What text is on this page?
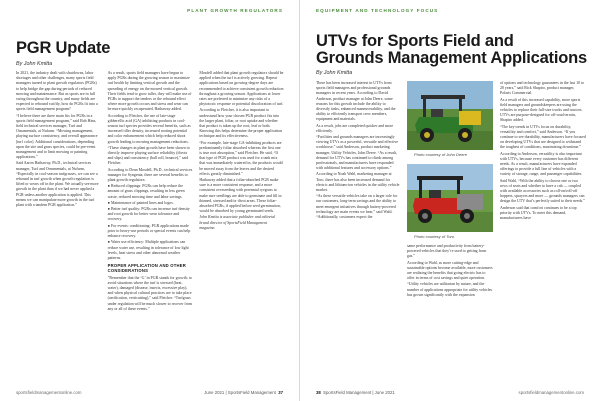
PLANT GROWTH REGULATORS
PGR Update
By John Kmitta

In 2021, the industry dealt with shutdowns, labor shortages and other challenges, many sports field managers turned to plant growth regulators (PGRs) to help bridge the gap during periods of reduced mowing and maintenance. But as sports are in full swing throughout the country, and many fields are expected to rebound swiftly, how do PGRs fit into a sports field management program?

“I believe there are three main fits for PGRs in a sports field management program,” said Bob Hinz, field technical services manager, Turf and Ornamentals, at Nufarm. “Mowing management, playing surface consistency, and overall appearance [turf color]. Additional considerations, depending upon the site and grass species, could be pre-event management and to limit mowing or painting applications.”

Said Aaron Hathaway, Ph.D., technical services manager, Turf and Ornamentals, at Nufarm, “Especially in cool-season turfgrasses, we can see a rebound in turf growth when growth regulation is lifted or wears off in the plant. We actually see more growth in the plant than if we had never applied a PGR unless another application is applied. This means we can manipulate more growth in the turf plant with a tandem PGR application.”

As a result, sports field managers have begun to apply PGRs during the growing season to maximize turf health by limiting vertical growth and the spreading of energy on the mowed vertical growth. Their fields tend to grow taller, they will make use of PGRs to support the tenders or the rebound effect where more growth occurs and stress and wear can be more quickly recuperated, Hathaway added.

According to Fletcher, the use of late-stage gibberellic acid (GA) inhibiting products in cool-season turf species provides several benefits, such as increased tiller density, increased rooting potential and color enhancement which help reduced shoot growth leading to mowing management reductions.

“These changes in plant growth have been shown to directly improve playing surface reliability (divots and slips) and consistency (ball roll, bounce),” said Fletcher.

According to Dean Mosdell, Ph.D., technical services manager for Syngenta, there are several benefits to plant growth regulators:

● Reduced clippings: PGRs can help reduce the amount of grass clippings, resulting in less green waste, reduced mowing time and labor savings.

● Maintenance of painted lines and logos.

● Better turf quality: PGRs can increase turf density and root growth for better wear tolerance and recovery.

● For events: conditioning: PGR applications made prior to heavy-use periods or special events can help enhance recovery.

● Water use efficiency: Multiple applications can reduce water use, resulting in tolerance of low light levels, heat stress and other abnormal weather patterns.

PROPER APPLICATION AND OTHER CONSIDERATIONS

”Remember that the ‘G’ in PGR stands for growth; to avoid situations where the turf is stressed (heat, water), damaged (disease, insects, excessive play), and when physical cultural practices are to take place (aerification, verticutting),” said Fletcher. “Turfgrass under regulation will be much slower to recover from any or all of these events.”

Mosdell added that plant growth regulators should be applied when the turf is actively growing. Repeat applications based on growing-degree days are recommended to achieve consistent growth reduction throughout a growing season. Applications at lower rates are preferred to minimize any risks of a phytotoxic response or potential discoloration of turf.

According to Fletcher, it is also important to understand how your chosen PGR product fits into the larger plant, foliar, or root uptake and whether that product is taken up the root, leaf or both. Knowing this helps determine the proper application technique and its effectiveness.

“For example, late-stage GA-inhibiting products are predominantly foliar absorbed whereas the first one is true root absorption,” said Fletcher. He said, “If that type of PGR product was used for a tank mix that was immediately watered in, the products would be moved away from the leaves and the desired effects greatly diminished.”

Hathaway added that a foliar-absorbed PGR make sure is a more consistent response, and a more consistent overseeding with perennial ryegrass to make sure seedlings are able to germinate and fill in thinned, stressed and/or divot areas. These foliar-absorbed PGRs, if applied before seed germination, would be absorbed by young germinated seeds.

John Kmitta is associate publisher and editorial brand director of SportsField Management magazine.

sportsfieldmanagementonline.com	June 2021 | SportsField Management 37
EQUIPMENT AND TECHNOLOGY FOCUS
UTVs for Sports Field and
Grounds Management Applications
By John Kmitta

There has been increased interest in UTVs from sports field managers and professional grounds managers in recent years. According to David Anderson, product manager at John Deere, some reasons for this growth include the ability to diversify tasks, enhanced maneuverability, and the ability to efficiently transport crew members, equipment and materials.

As a result, jobs are completed quicker and more efficiently.

“Facilities and grounds managers are increasingly viewing UTVs as a powerful, versatile and effective workhorse,” said Anderson, product marketing manager, Utility Vehicles, John Deere. “As a result, demand for UTVs has continued to climb among professionals, and manufacturers have responded with additional features and accessory options.”

According to Noah Wahl, marketing manager at Toro, there has also been increased demand for electric and lithium-ion vehicles in the utility vehicle market.

“As these versatile vehicles take on a larger role for our customers, long-term savings and the ability to meet emergent initiatives through battery-powered technology are main events we hear,” said Wahl. “Additionally, customers expect the

Photo courtesy of John Deere
Photo courtesy of Toro

same performance and productivity from battery-powered vehicles that they’re used to getting from gas.”

According to Wahl, as more cutting-edge and sustainable options become available, more customers are realizing the benefits that going electric has to offer in terms of cost savings and quiet operation.

“Utility vehicles are utilitarian by nature, and the number of applications appropriate for utility vehicles has grown significantly with the expansion

of options and technology guarantees in the last 10 to 20 years,” said Rick Shapiro, product manager, Polaris Commercial.

As a result of this increased capability, more sports field managers and groundskeepers are using the vehicles to replace their full-size trucks and tractors. UTVs are purpose-designed for off-road terrain, Shapiro added.

“The key trends in UTVs focus on durability, versatility and comfort,” said Anderson. “If you continue to see durability, manufacturers have focused on developing UTVs that are designed to withstand the toughest of conditions, maximizing downtime.”

According to Anderson, versatility is also important with UTVs, because every customer has different needs. As a result, manufacturers have expanded offerings to provide a full line of vehicles with a variety of storage, range, and passenger capabilities.

Said Wahl, “With the ability to choose one or two rows of seats and whether to have a cab — coupled with available accessories such as roll-on/roll-off hoppers, sprayers and more — grounds managers can design the UTV that’s perfectly suited to their needs.”

Anderson said that comfort continues to be a top priority with UTVs. To meet this demand, manufacturers have

38 SportsField Management | June 2021	sportsfieldmanagementonline.com
